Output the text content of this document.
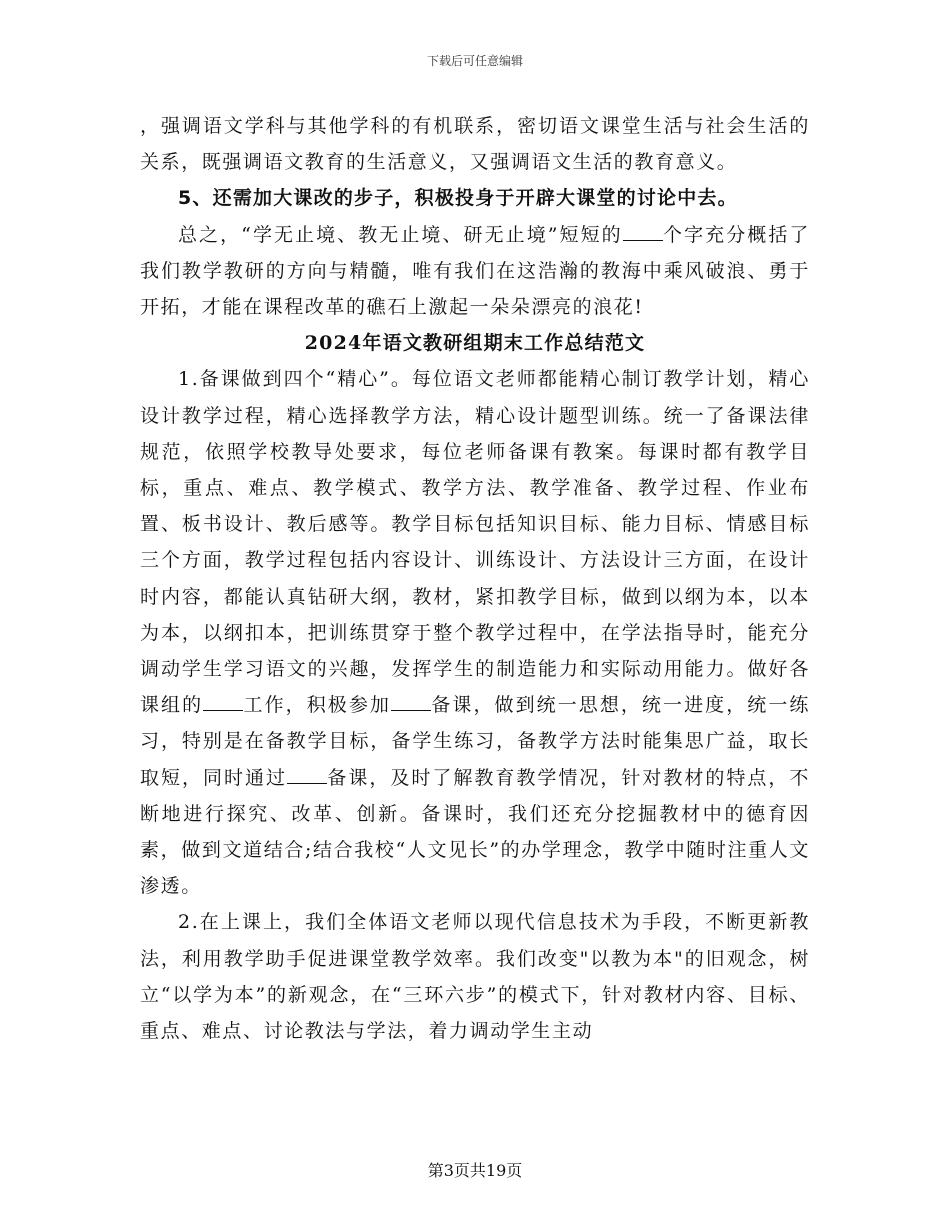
下载后可任意编辑

，强调语文学科与其他学科的有机联系，密切语文课堂生活与社会生活的关系，既强调语文教育的生活意义，又强调语文生活的教育意义。

5、还需加大课改的步子，积极投身于开辟大课堂的讨论中去。

总之，“学无止境、教无止境、研无止境”短短的 个字充分概括了我们教学教研的方向与精髓，唯有我们在这浩瀚的教海中乘风破浪、勇于开拓，才能在课程改革的礁石上激起一朵朵漂亮的浪花!

2024年语文教研组期末工作总结范文

1.备课做到四个“精心”。每位语文老师都能精心制订教学计划，精心设计教学过程，精心选择教学方法，精心设计题型训练。统一了备课法律规范，依照学校教导处要求，每位老师备课有教案。每课时都有教学目标，重点、难点、教学模式、教学方法、教学准备、教学过程、作业布置、板书设计、教后感等。教学目标包括知识目标、能力目标、情感目标三个方面，教学过程包括内容设计、训练设计、方法设计三方面，在设计时内容，都能认真钻研大纲，教材，紧扣教学目标，做到以纲为本，以本为本，以纲扣本，把训练贯穿于整个教学过程中，在学法指导时，能充分调动学生学习语文的兴趣，发挥学生的制造能力和实际动用能力。做好各课组的 工作，积极参加 备课，做到统一思想，统一进度，统一练习，特别是在备教学目标，备学生练习，备教学方法时能集思广益，取长取短，同时通过 备课，及时了解教育教学情况，针对教材的特点，不断地进行探究、改革、创新。备课时，我们还充分挖掘教材中的德育因素，做到文道结合;结合我校“人文见长”的办学理念，教学中随时注重人文渗透。

2.在上课上，我们全体语文老师以现代信息技术为手段，不断更新教法，利用教学助手促进课堂教学效率。我们改变"以教为本"的旧观念，树立“以学为本”的新观念，在“三环六步”的模式下，针对教材内容、目标、重点、难点、讨论教法与学法，着力调动学生主动

第3页共19页
